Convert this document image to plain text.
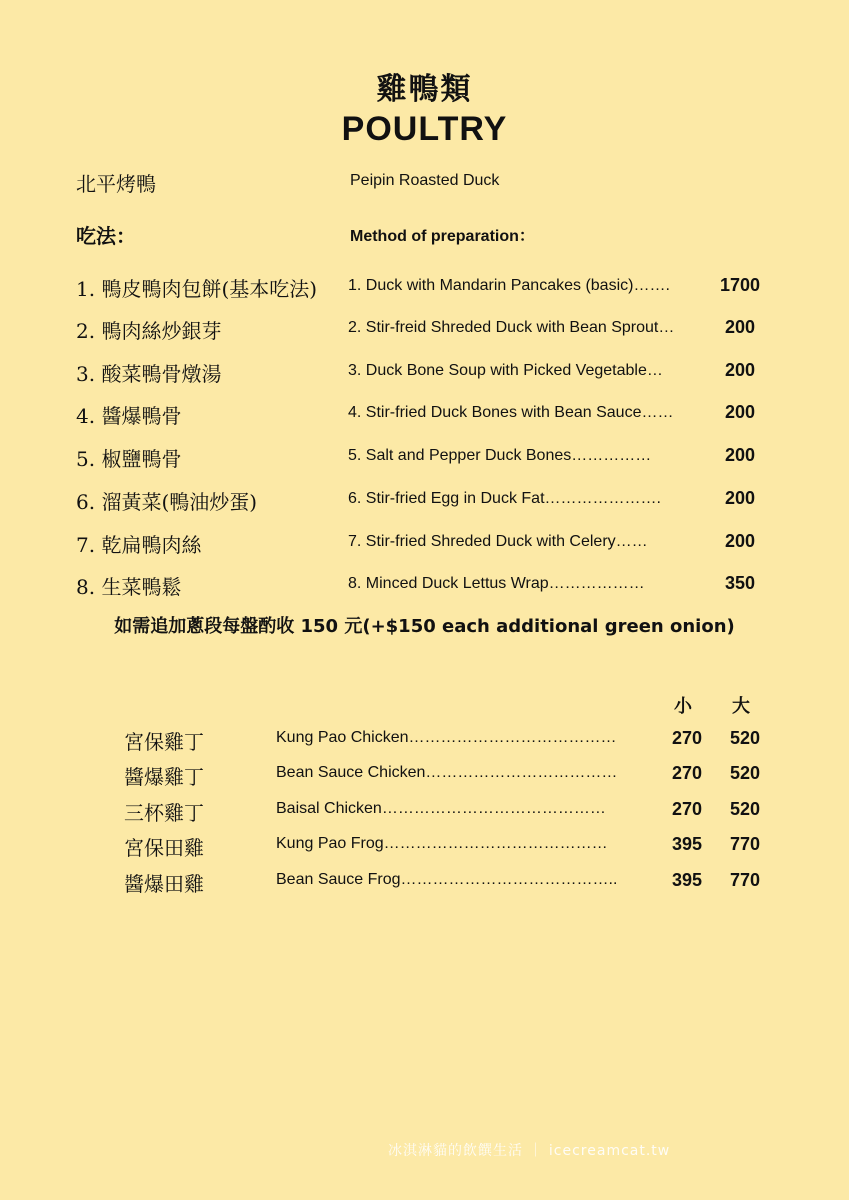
雞鴨類
POULTRY
北平烤鴨	Peipin Roasted Duck
吃法：	Method of preparation：
1. 鴨皮鴨肉包餅(基本吃法) 1. Duck with Mandarin Pancakes (basic)…….	1700
2. 鴨肉絲炒銀芽	2. Stir-freid Shreded Duck with Bean Sprout…	200
3. 酸菜鴨骨燉湯	3. Duck Bone Soup with Picked Vegetable…	200
4. 醬爆鴨骨	4. Stir-fried Duck Bones with Bean Sauce……	200
5. 椒鹽鴨骨	5. Salt and Pepper Duck Bones……………	200
6. 溜黃菜(鴨油炒蛋)	6. Stir-fried Egg in Duck Fat………………….	200
7. 乾扁鴨肉絲	7. Stir-fried Shreded Duck with Celery……	200
8. 生菜鴨鬆	8. Minced Duck Lettus Wrap………………	350
如需追加蔥段每盤酌收 150 元(+$150 each additional green onion)
小 大
宮保雞丁	Kung Pao Chicken…………………………………	270	520
醬爆雞丁	Bean Sauce Chicken………………………………	270	520
三杯雞丁	Baisal Chicken……………………………………	270	520
宮保田雞	Kung Pao Frog……………………………………	395	770
醬爆田雞	Bean Sauce Frog…………………………………..	395	770
冰淇淋貓的飲饌生活 ｜ icecreamcat.tw
